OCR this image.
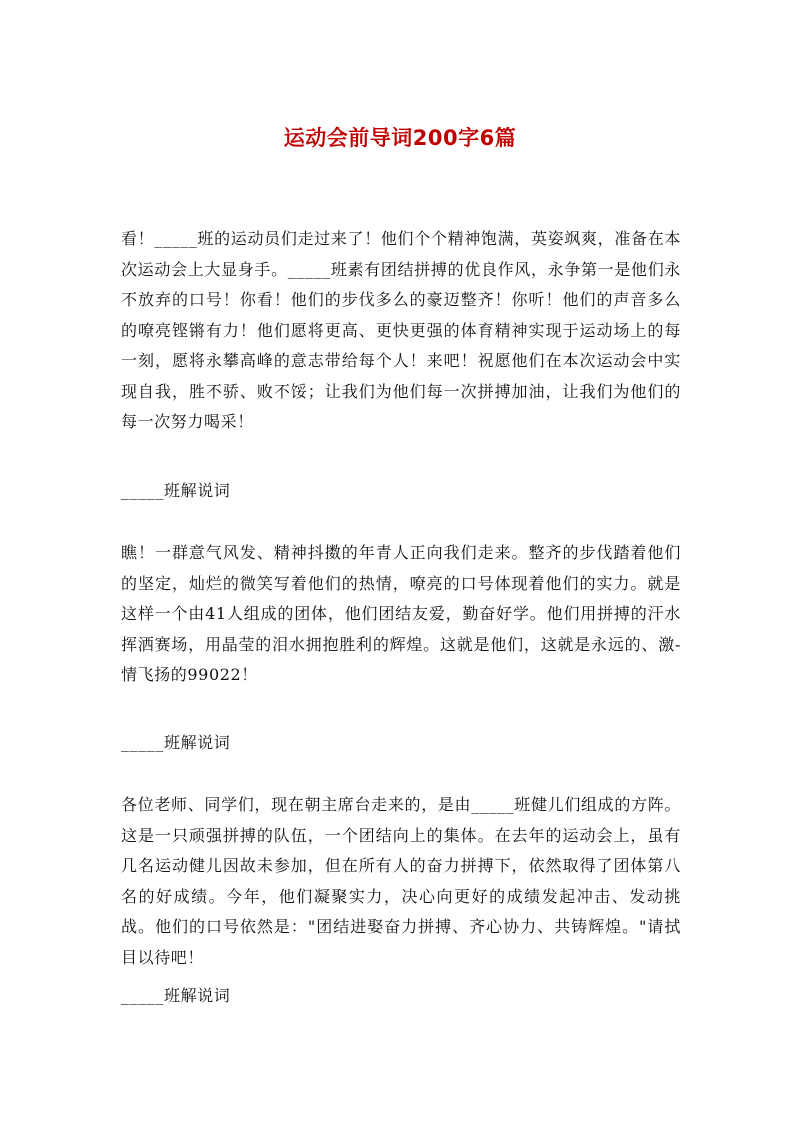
运动会前导词200字6篇
看！_____班的运动员们走过来了！他们个个精神饱满，英姿飒爽，准备在本次运动会上大显身手。_____班素有团结拼搏的优良作风，永争第一是他们永不放弃的口号！你看！他们的步伐多么的豪迈整齐！你听！他们的声音多么的嘹亮铿锵有力！他们愿将更高、更快更强的体育精神实现于运动场上的每一刻，愿将永攀高峰的意志带给每个人！来吧！祝愿他们在本次运动会中实现自我，胜不骄、败不馁；让我们为他们每一次拼搏加油，让我们为他们的每一次努力喝采！
_____班解说词
瞧！一群意气风发、精神抖擞的年青人正向我们走来。整齐的步伐踏着他们的坚定，灿烂的微笑写着他们的热情，嘹亮的口号体现着他们的实力。就是这样一个由41人组成的团体，他们团结友爱，勤奋好学。他们用拼搏的汗水挥洒赛场，用晶莹的泪水拥抱胜利的辉煌。这就是他们，这就是永远的、激-情飞扬的99022！
_____班解说词
各位老师、同学们，现在朝主席台走来的，是由_____班健儿们组成的方阵。这是一只顽强拼搏的队伍，一个团结向上的集体。在去年的运动会上，虽有几名运动健儿因故未参加，但在所有人的奋力拼搏下，依然取得了团体第八名的好成绩。今年，他们凝聚实力，决心向更好的成绩发起冲击、发动挑战。他们的口号依然是："团结进娶奋力拼搏、齐心协力、共铸辉煌。"请拭目以待吧！
_____班解说词
